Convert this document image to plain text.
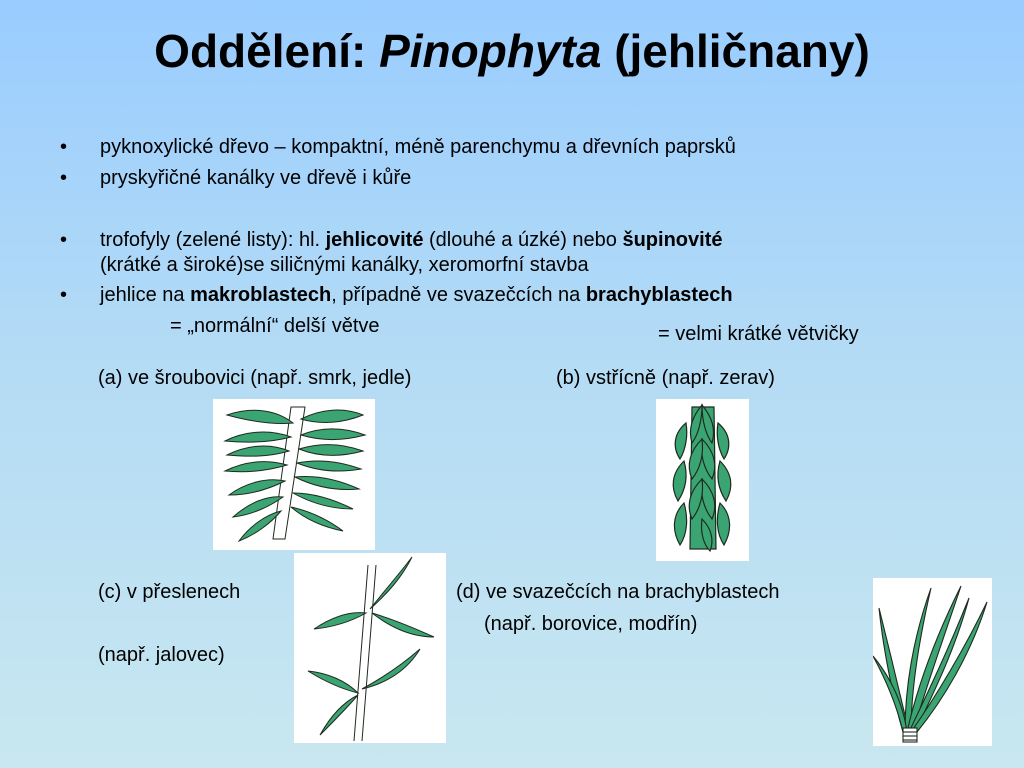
Oddělení: Pinophyta (jehličnany)
• pyknoxylické dřevo – kompaktní, méně parenchymu a dřevních paprsků
• pryskyřičné kanálky ve dřevě i kůře
• trofofyly (zelené listy): hl. jehlicovité (dlouhé a úzké) nebo šupinovité
(krátké a široké)se siličnými kanálky, xeromorfní stavba
• jehlice na makroblastech, případně ve svazečcích na brachyblastech
= „normální“ delší větve	= velmi krátké větvičky
(a) ve šroubovici (např. smrk, jedle)	(b) vstřícně (např. zerav)
(c) v přeslenech
(např. jalovec)
(d) ve svazečcích na brachyblastech
(např. borovice, modřín)
